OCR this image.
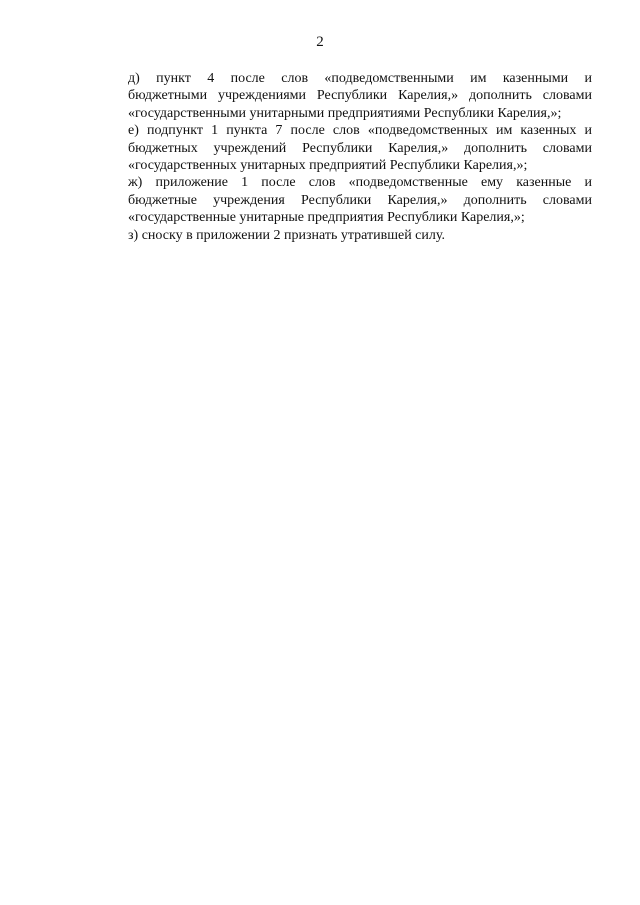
2

д) пункт 4 после слов «подведомственными им казенными и
бюджетными учреждениями Республики Карелия,» дополнить словами
«государственными унитарными предприятиями Республики Карелия,»;

е) подпункт 1 пункта 7 после слов «подведомственных им казенных и
бюджетных учреждений Республики Карелия,» дополнить словами
«государственных унитарных предприятий Республики Карелия,»;

ж) приложение 1 после слов «подведомственные ему казенные и
бюджетные учреждения Республики Карелия,» дополнить словами
«государственные унитарные предприятия Республики Карелия,»;

з) сноску в приложении 2 признать утратившей силу.
